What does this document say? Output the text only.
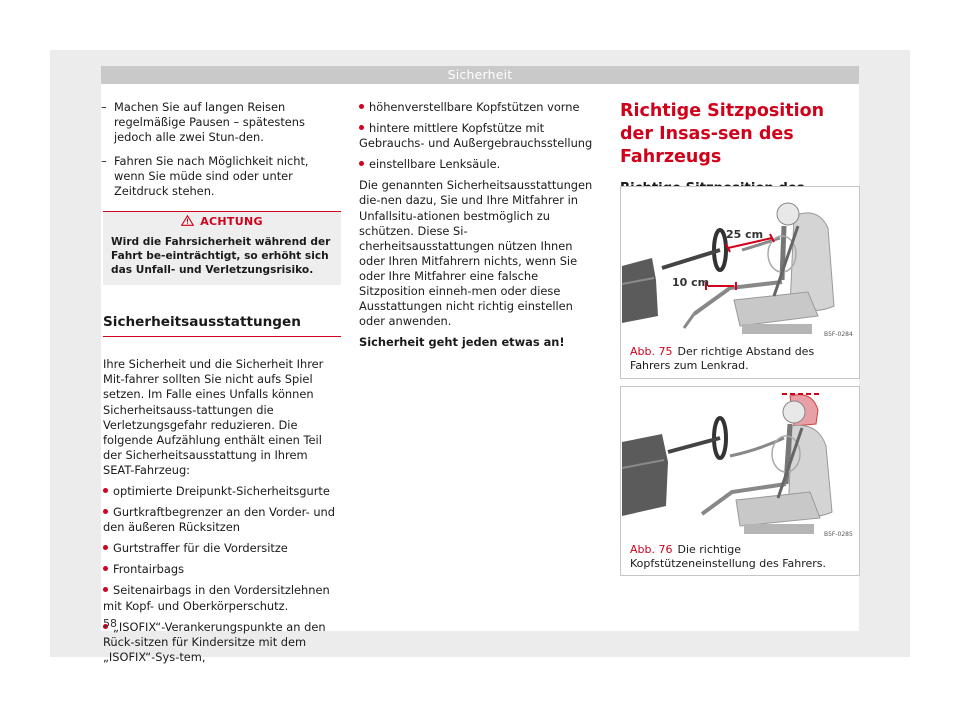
Sicherheit
– Machen Sie auf langen Reisen regelmäßige Pausen – spätestens jedoch alle zwei Stun-den.
– Fahren Sie nach Möglichkeit nicht, wenn Sie müde sind oder unter Zeitdruck stehen.
ACHTUNG
Wird die Fahrsicherheit während der Fahrt be-einträchtigt, so erhöht sich das Unfall- und Verletzungsrisiko.
Sicherheitsausstattungen
Ihre Sicherheit und die Sicherheit Ihrer Mit-fahrer sollten Sie nicht aufs Spiel setzen. Im Falle eines Unfalls können Sicherheitsauss-tattungen die Verletzungsgefahr reduzieren. Die folgende Aufzählung enthält einen Teil der Sicherheitsausstattung in Ihrem SEAT-Fahrzeug:
optimierte Dreipunkt-Sicherheitsgurte
Gurtkraftbegrenzer an den Vorder- und den äußeren Rücksitzen
Gurtstraffer für die Vordersitze
Frontairbags
Seitenairbags in den Vordersitzlehnen mit Kopf- und Oberkörperschutz.
„ISOFIX“-Verankerungspunkte an den Rück-sitzen für Kindersitze mit dem „ISOFIX“-Sys-tem,
höhenverstellbare Kopfstützen vorne
hintere mittlere Kopfstütze mit Gebrauchs- und Außergebrauchsstellung
einstellbare Lenksäule.
Die genannten Sicherheitsausstattungen die-nen dazu, Sie und Ihre Mitfahrer in Unfallsitu-ationen bestmöglich zu schützen. Diese Si-cherheitsausstattungen nützen Ihnen oder Ihren Mitfahrern nichts, wenn Sie oder Ihre Mitfahrer eine falsche Sitzposition einneh-men oder diese Ausstattungen nicht richtig einstellen oder anwenden.
Sicherheit geht jeden etwas an!
Richtige Sitzposition der Insas-sen des Fahrzeugs
25 cm
10 cm
B5F-0284
Abb. 75 Der richtige Abstand des Fahrers zum Lenkrad.
B5F-0285
Abb. 76 Die richtige Kopfstützeneinstellung des Fahrers.
58
